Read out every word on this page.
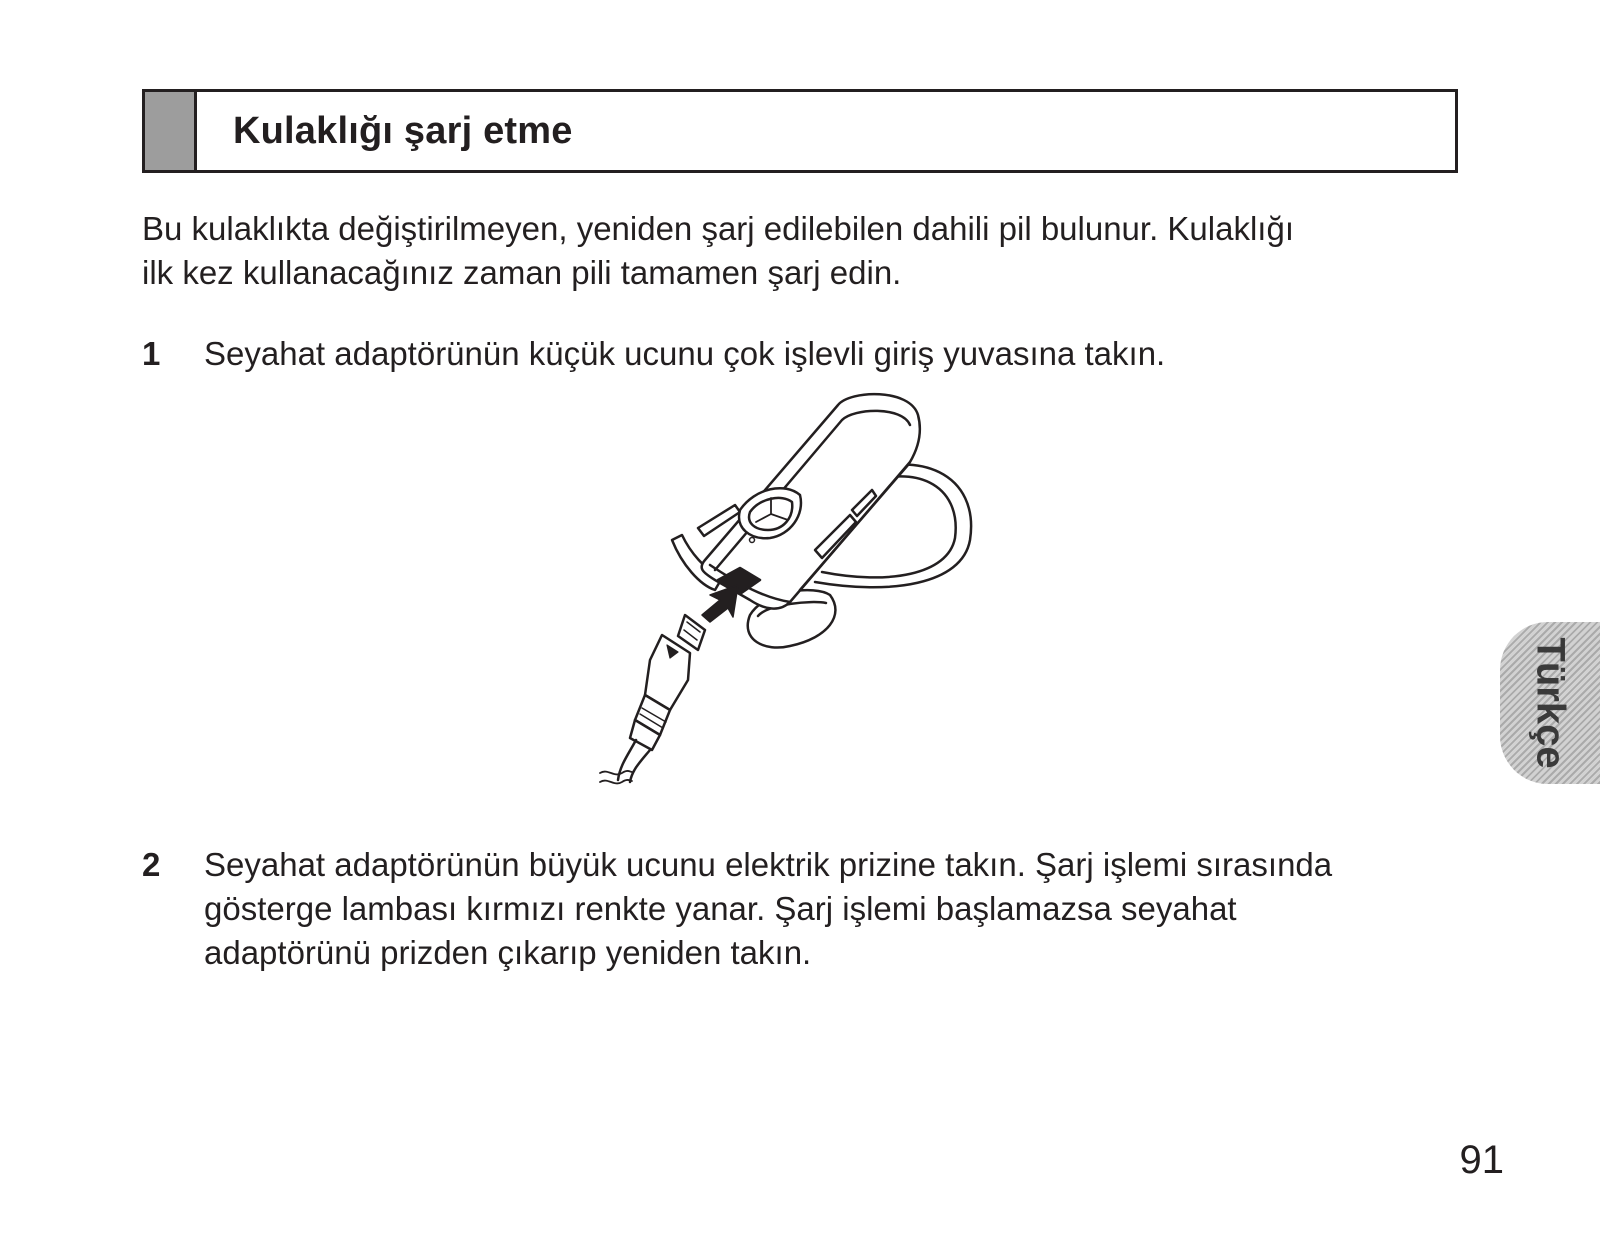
Kulaklığı şarj etme

Bu kulaklıkta değiştirilmeyen, yeniden şarj edilebilen dahili pil bulunur. Kulaklığı
ilk kez kullanacağınız zaman pili tamamen şarj edin.

1 Seyahat adaptörünün küçük ucunu çok işlevli giriş yuvasına takın.
2 Seyahat adaptörünün büyük ucunu elektrik prizine takın. Şarj işlemi sırasında
gösterge lambası kırmızı renkte yanar. Şarj işlemi başlamazsa seyahat
adaptörünü prizden çıkarıp yeniden takın.
Türkçe
91
